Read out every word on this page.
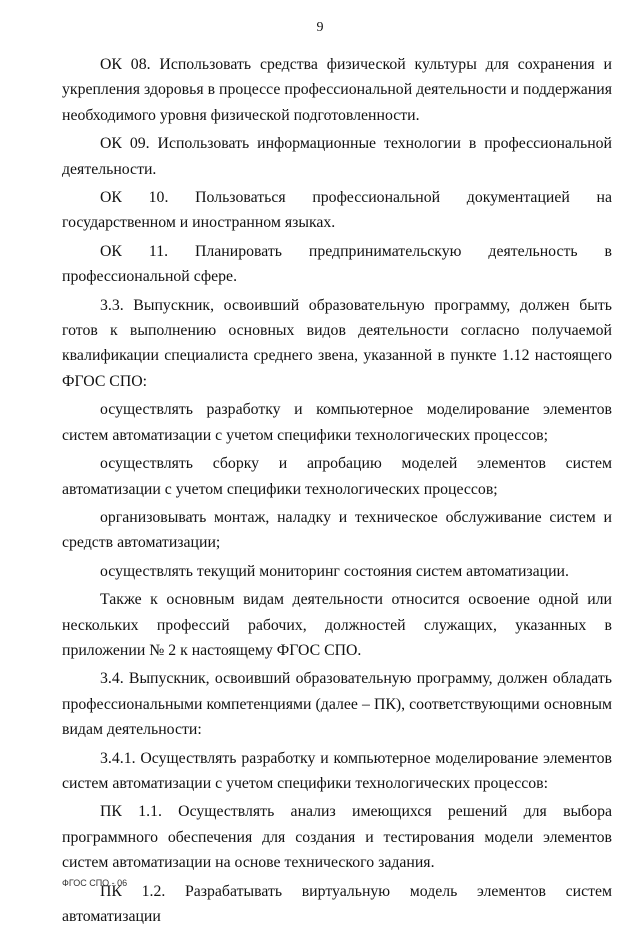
9

ОК 08. Использовать средства физической культуры для сохранения и укрепления здоровья в процессе профессиональной деятельности и поддержания необходимого уровня физической подготовленности.

ОК 09. Использовать информационные технологии в профессиональной деятельности.

ОК 10. Пользоваться профессиональной документацией на государственном и иностранном языках.

ОК 11. Планировать предпринимательскую деятельность в профессиональной сфере.

3.3. Выпускник, освоивший образовательную программу, должен быть готов к выполнению основных видов деятельности согласно получаемой квалификации специалиста среднего звена, указанной в пункте 1.12 настоящего ФГОС СПО:

осуществлять разработку и компьютерное моделирование элементов систем автоматизации с учетом специфики технологических процессов;

осуществлять сборку и апробацию моделей элементов систем автоматизации с учетом специфики технологических процессов;

организовывать монтаж, наладку и техническое обслуживание систем и средств автоматизации;

осуществлять текущий мониторинг состояния систем автоматизации.

Также к основным видам деятельности относится освоение одной или нескольких профессий рабочих, должностей служащих, указанных в приложении № 2 к настоящему ФГОС СПО.

3.4. Выпускник, освоивший образовательную программу, должен обладать профессиональными компетенциями (далее – ПК), соответствующими основным видам деятельности:

3.4.1. Осуществлять разработку и компьютерное моделирование элементов систем автоматизации с учетом специфики технологических процессов:

ПК 1.1. Осуществлять анализ имеющихся решений для выбора программного обеспечения для создания и тестирования модели элементов систем автоматизации на основе технического задания.

ПК 1.2. Разрабатывать виртуальную модель элементов систем автоматизации

ФГОС СПО - 06
